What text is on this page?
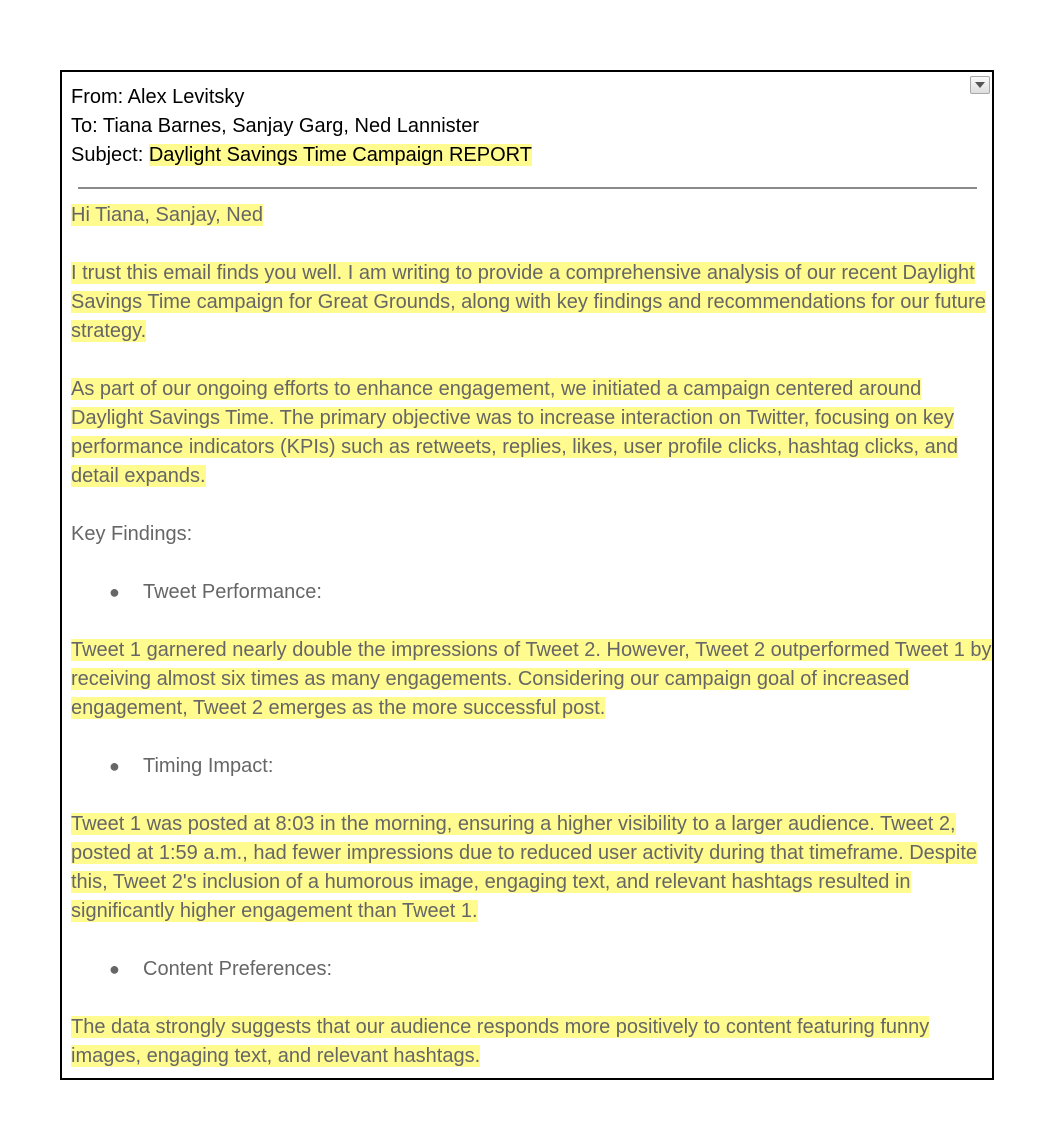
From: Alex Levitsky
To: Tiana Barnes, Sanjay Garg, Ned Lannister
Subject: Daylight Savings Time Campaign REPORT

Hi Tiana, Sanjay, Ned

I trust this email finds you well. I am writing to provide a comprehensive analysis of our recent Daylight Savings Time campaign for Great Grounds, along with key findings and recommendations for our future strategy.

As part of our ongoing efforts to enhance engagement, we initiated a campaign centered around Daylight Savings Time. The primary objective was to increase interaction on Twitter, focusing on key performance indicators (KPIs) such as retweets, replies, likes, user profile clicks, hashtag clicks, and detail expands.

Key Findings:

● Tweet Performance:

Tweet 1 garnered nearly double the impressions of Tweet 2. However, Tweet 2 outperformed Tweet 1 by receiving almost six times as many engagements. Considering our campaign goal of increased engagement, Tweet 2 emerges as the more successful post.

● Timing Impact:

Tweet 1 was posted at 8:03 in the morning, ensuring a higher visibility to a larger audience. Tweet 2, posted at 1:59 a.m., had fewer impressions due to reduced user activity during that timeframe. Despite this, Tweet 2's inclusion of a humorous image, engaging text, and relevant hashtags resulted in significantly higher engagement than Tweet 1.

● Content Preferences:

The data strongly suggests that our audience responds more positively to content featuring funny images, engaging text, and relevant hashtags.
